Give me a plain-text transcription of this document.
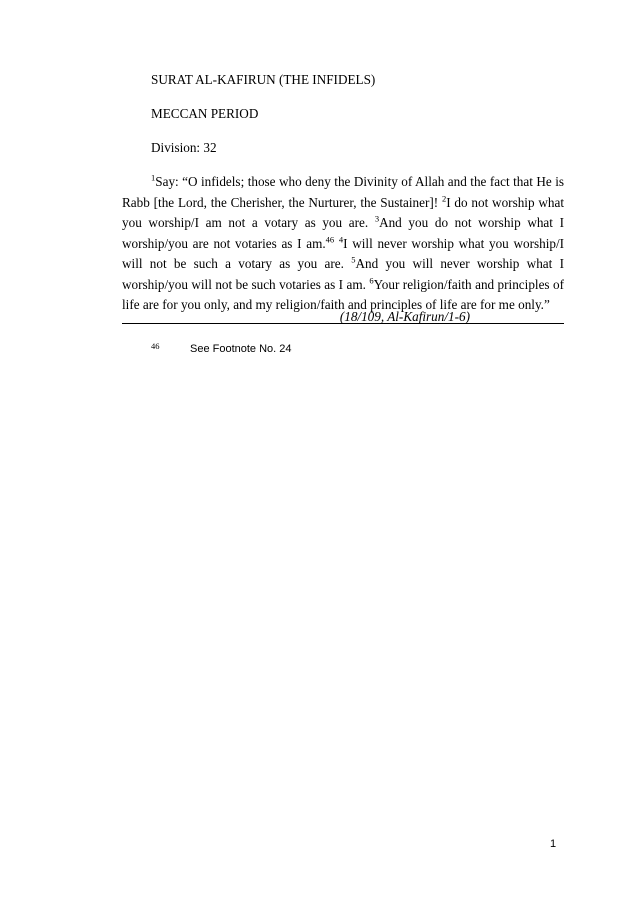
SURAT AL-KAFIRUN (THE INFIDELS)
MECCAN PERIOD
Division: 32
$^1$Say: “O infidels; those who deny the Divinity of Allah and the fact that He is Rabb [the Lord, the Cherisher, the Nurturer, the Sustainer]! $^2$I do not worship what you worship/I am not a votary as you are. $^3$And you do not worship what I worship/you are not votaries as I am.$^{46}$ $^4$I will never worship what you worship/I will not be such a votary as you are. $^5$And you will never worship what I worship/you will not be such votaries as I am. $^6$Your religion/faith and principles of life are for you only, and my religion/faith and principles of life are for me only.”
(18/109, Al-Kafirun/1-6)
46	See Footnote No. 24
1
